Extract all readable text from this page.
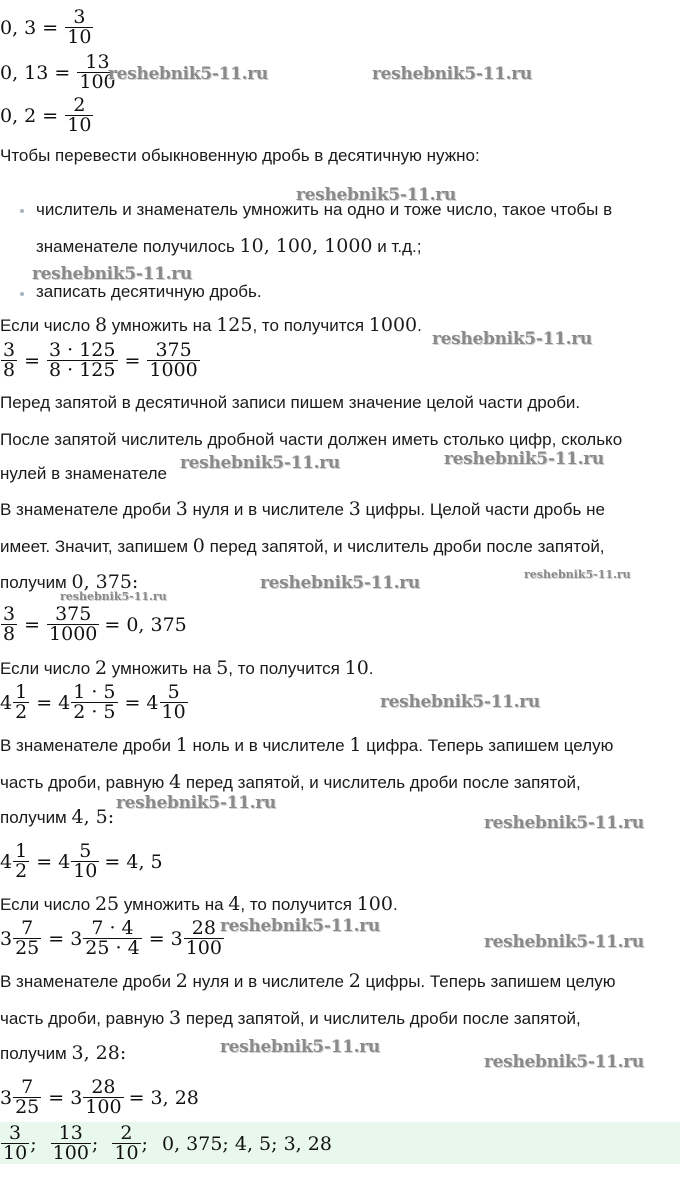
0, $3 = \frac{3}{10}$
0, $13 = \frac{13}{100}$
0, $2 = \frac{2}{10}$
Чтобы перевести обыкновенную дробь в десятичную нужно:
числитель и знаменатель умножить на одно и тоже число, такое чтобы в
знаменателе получилось 10, 100, 1000 и т.д.;
записать десятичную дробь.
Если число 8 умножить на 125, то получится 1000.
$\frac{3}{8} = \frac{3 \cdot 125}{8 \cdot 125} = \frac{375}{1000}$
Перед запятой в десятичной записи пишем значение целой части дроби.
После запятой числитель дробной части должен иметь столько цифр, сколько
нулей в знаменателе
В знаменателе дроби 3 нуля и в числителе 3 цифры. Целой части дробь не
имеет. Значит, запишем 0 перед запятой, и числитель дроби после запятой,
получим 0, 375:
$\frac{3}{8} = \frac{375}{1000} = 0$, 375
Если число 2 умножить на 5, то получится 10.
$4 \frac{1}{2} = 4 \frac{1 \cdot 5}{2 \cdot 5} = 4 \frac{5}{10}$
В знаменателе дроби 1 ноль и в числителе 1 цифра. Теперь запишем целую
часть дроби, равную 4 перед запятой, и числитель дроби после запятой,
получим 4, 5:
$4 \frac{1}{2} = 4 \frac{5}{10} = 4$, 5
Если число 25 умножить на 4, то получится 100.
$3 \frac{7}{25} = 3 \frac{7 \cdot 4}{25 \cdot 4} = 3 \frac{28}{100}$
В знаменателе дроби 2 нуля и в числителе 2 цифры. Теперь запишем целую
часть дроби, равную 3 перед запятой, и числитель дроби после запятой,
получим 3, 28:
$3 \frac{7}{25} = 3 \frac{28}{100} = 3$, 28
$\frac{3}{10}$ ; $\frac{13}{100}$ ; $\frac{2}{10}$ ; 0, 375; 4, 5; 3, 28
reshebnik5-11.ru	reshebnik5-11.ru
reshebnik5-11.ru
reshebnik5-11.ru
reshebnik5-11.ru
reshebnik5-11.ru	reshebnik5-11.ru
reshebnik5-11.ru	reshebnik5-11.ru
reshebnik5-11.ru
reshebnik5-11.ru
reshebnik5-11.ru
reshebnik5-11.ru
reshebnik5-11.ru
reshebnik5-11.ru
reshebnik5-11.ru
reshebnik5-11.ru
